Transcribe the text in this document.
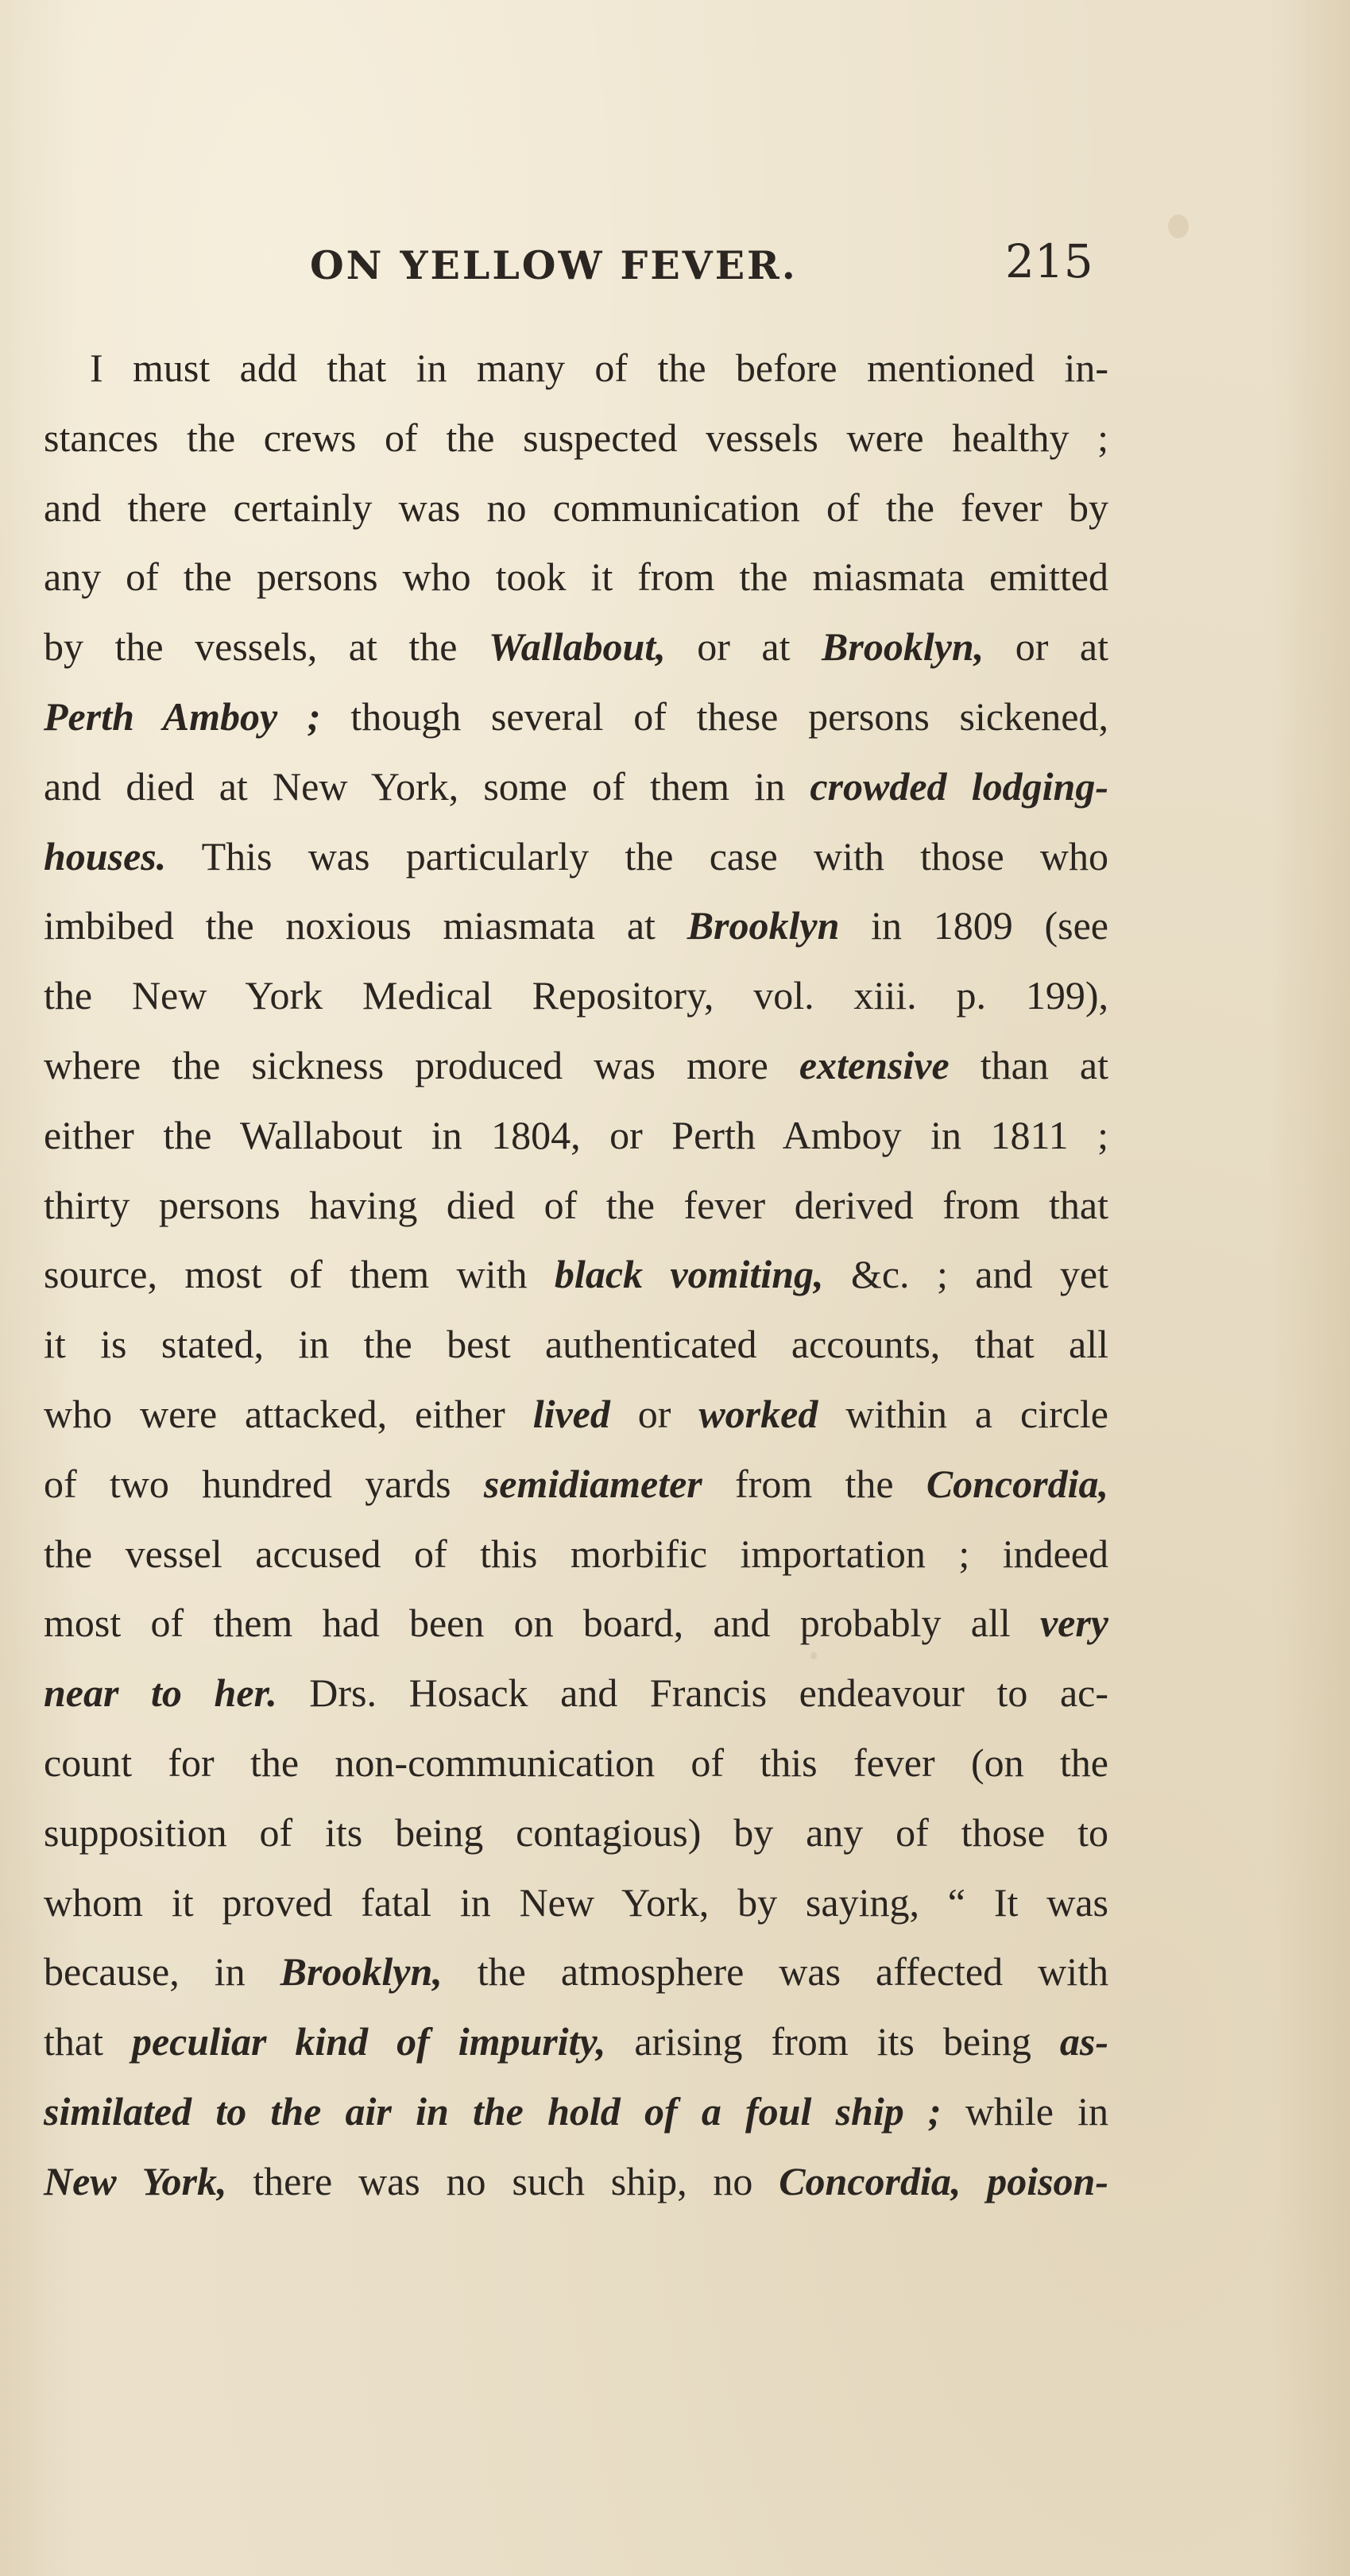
ON YELLOW FEVER.	215
I must add that in many of the before mentioned in-
stances the crews of the suspected vessels were healthy ;
and there certainly was no communication of the fever by
any of the persons who took it from the miasmata emitted
by the vessels, at the Wallabout, or at Brooklyn, or at
Perth Amboy ; though several of these persons sickened,
and died at New York, some of them in crowded lodging-
houses. This was particularly the case with those who
imbibed the noxious miasmata at Brooklyn in 1809 (see
the New York Medical Repository, vol. xiii. p. 199),
where the sickness produced was more extensive than at
either the Wallabout in 1804, or Perth Amboy in 1811 ;
thirty persons having died of the fever derived from that
source, most of them with black vomiting, &c. ; and yet
it is stated, in the best authenticated accounts, that all
who were attacked, either lived or worked within a circle
of two hundred yards semidiameter from the Concordia,
the vessel accused of this morbific importation ; indeed
most of them had been on board, and probably all very
near to her. Drs. Hosack and Francis endeavour to ac-
count for the non-communication of this fever (on the
supposition of its being contagious) by any of those to
whom it proved fatal in New York, by saying, “ It was
because, in Brooklyn, the atmosphere was affected with
that peculiar kind of impurity, arising from its being as-
similated to the air in the hold of a foul ship ; while in
New York, there was no such ship, no Concordia, poison-
